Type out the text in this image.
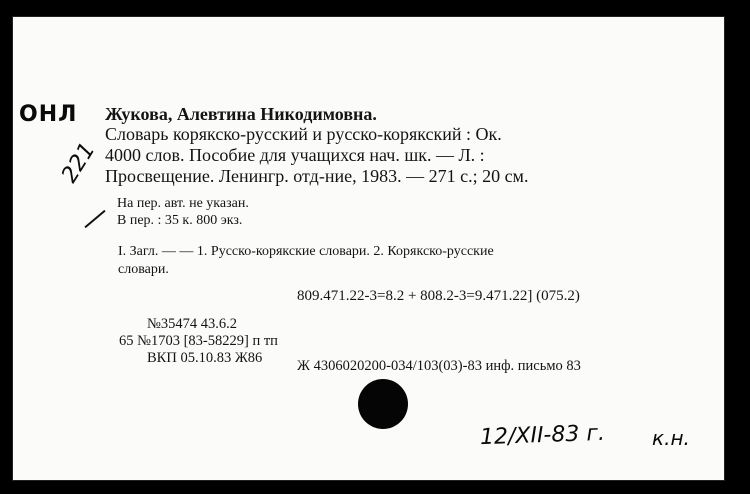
ОНЛ
221
Жукова, Алевтина Никодимовна.
Словарь корякско-русский и русско-корякский : Ок.
4000 слов. Пособие для учащихся нач. шк. — Л. :
Просвещение. Ленингр. отд-ние, 1983. — 271 с.; 20 см.
На пер. авт. не указан.
В пер. : 35 к. 800 экз.
I. Загл. — — 1. Русско-корякские словари. 2. Корякско-русские
словари.
809.471.22-3=8.2 + 808.2-3=9.471.22] (075.2)
№35474 43.6.2
65 №1703 [83-58229] п тп
ВКП 05.10.83 Ж86	Ж 4306020200-034/103(03)-83 инф. письмо 83
12/XII-83 г. к.н.
